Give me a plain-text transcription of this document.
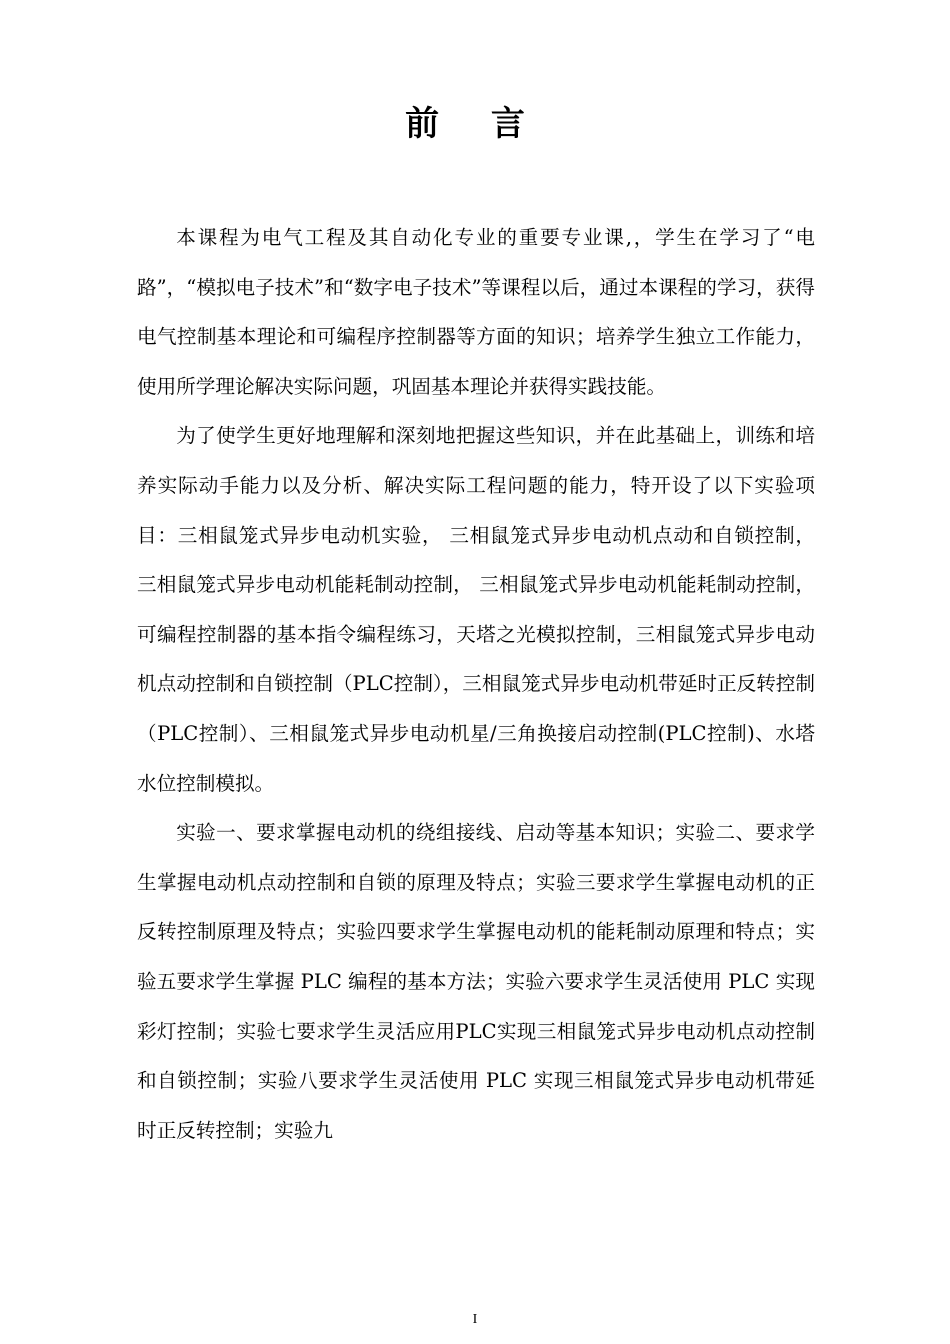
前 言

本课程为电气工程及其自动化专业的重要专业课,，学生在学习了“电路”，“模拟电子技术”和“数字电子技术”等课程以后，通过本课程的学习，获得电气控制基本理论和可编程序控制器等方面的知识；培养学生独立工作能力，使用所学理论解决实际问题，巩固基本理论并获得实践技能。

为了使学生更好地理解和深刻地把握这些知识，并在此基础上，训练和培养实际动手能力以及分析、解决实际工程问题的能力，特开设了以下实验项目：三相鼠笼式异步电动机实验， 三相鼠笼式异步电动机点动和自锁控制， 三相鼠笼式异步电动机能耗制动控制， 三相鼠笼式异步电动机能耗制动控制，可编程控制器的基本指令编程练习，天塔之光模拟控制，三相鼠笼式异步电动机点动控制和自锁控制（PLC控制），三相鼠笼式异步电动机带延时正反转控制（PLC控制）、三相鼠笼式异步电动机星/三角换接启动控制(PLC控制)、水塔水位控制模拟。

实验一、要求掌握电动机的绕组接线、启动等基本知识；实验二、要求学生掌握电动机点动控制和自锁的原理及特点；实验三要求学生掌握电动机的正反转控制原理及特点；实验四要求学生掌握电动机的能耗制动原理和特点；实验五要求学生掌握 PLC 编程的基本方法；实验六要求学生灵活使用 PLC 实现彩灯控制；实验七要求学生灵活应用PLC实现三相鼠笼式异步电动机点动控制和自锁控制；实验八要求学生灵活使用 PLC 实现三相鼠笼式异步电动机带延时正反转控制；实验九

I
